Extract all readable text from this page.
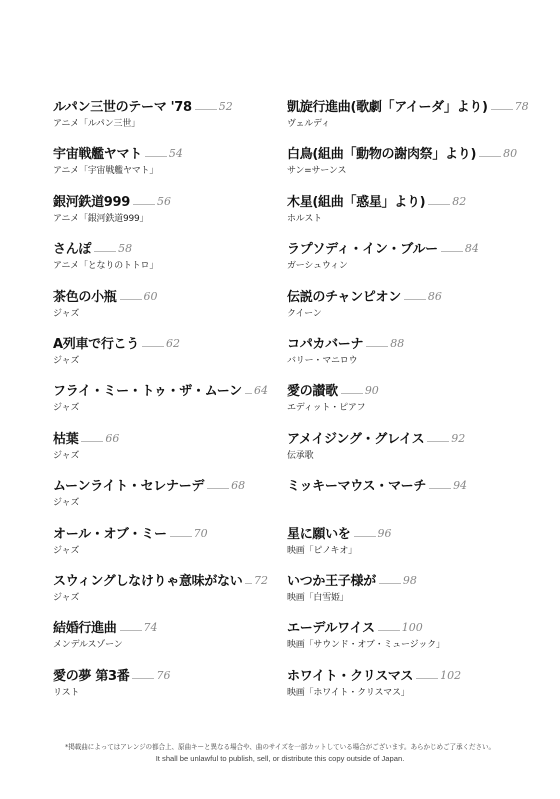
ルパン三世のテーマ '78 52
アニメ「ルパン三世」
宇宙戦艦ヤマト 54
アニメ「宇宙戦艦ヤマト」
銀河鉄道999 56
アニメ「銀河鉄道999」
さんぽ 58
アニメ「となりのトトロ」
茶色の小瓶 60
ジャズ
A列車で行こう 62
ジャズ
フライ・ミー・トゥ・ザ・ムーン 64
ジャズ
枯葉 66
ジャズ
ムーンライト・セレナーデ 68
ジャズ
オール・オブ・ミー 70
ジャズ
スウィングしなけりゃ意味がない 72
ジャズ
結婚行進曲 74
メンデルスゾーン
愛の夢 第3番 76
リスト
凱旋行進曲(歌劇「アイーダ」より) 78
ヴェルディ
白鳥(組曲「動物の謝肉祭」より) 80
サン=サーンス
木星(組曲「惑星」より) 82
ホルスト
ラプソディ・イン・ブルー 84
ガーシュウィン
伝説のチャンピオン 86
クイーン
コパカバーナ 88
バリー・マニロウ
愛の讃歌 90
エディット・ピアフ
アメイジング・グレイス 92
伝承歌
ミッキーマウス・マーチ 94
星に願いを 96
映画「ピノキオ」
いつか王子様が 98
映画「白雪姫」
エーデルワイス 100
映画「サウンド・オブ・ミュージック」
ホワイト・クリスマス 102
映画「ホワイト・クリスマス」
*掲載曲によってはアレンジの都合上、原曲キーと異なる場合や、曲のサイズを一部カットしている場合がございます。あらかじめご了承ください。
It shall be unlawful to publish, sell, or distribute this copy outside of Japan.
